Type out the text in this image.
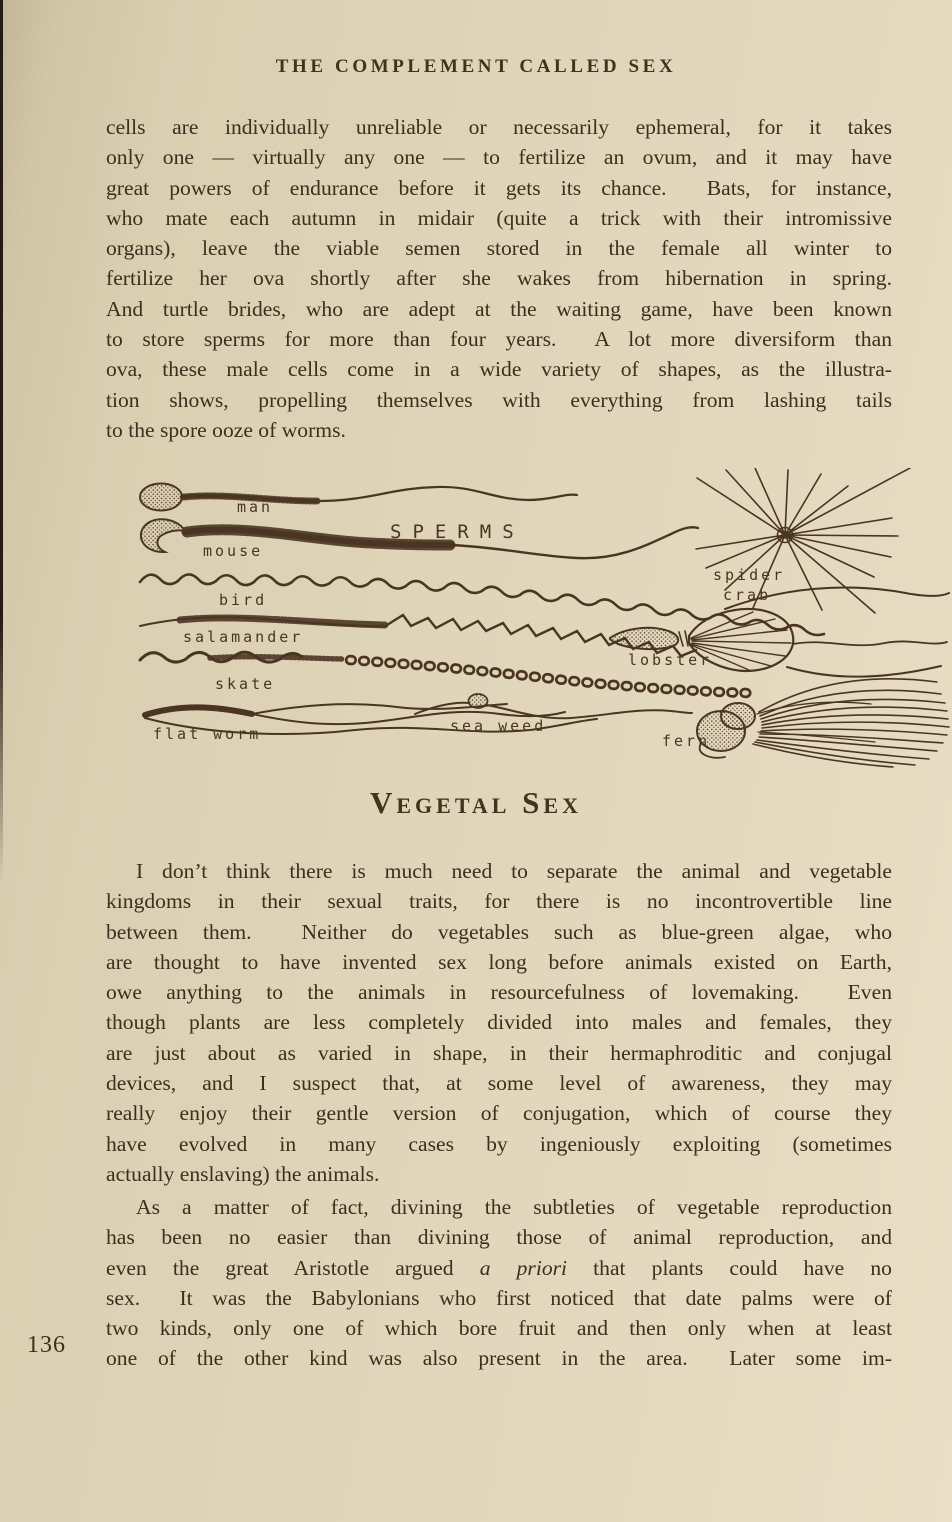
THE COMPLEMENT CALLED SEX
cells are individually unreliable or necessarily ephemeral, for it takes
only one — virtually any one — to fertilize an ovum, and it may have
great powers of endurance before it gets its chance.  Bats, for instance,
who mate each autumn in midair (quite a trick with their intromissive
organs), leave the viable semen stored in the female all winter to
fertilize her ova shortly after she wakes from hibernation in spring.
And turtle brides, who are adept at the waiting game, have been known
to store sperms for more than four years.  A lot more diversiform than
ova, these male cells come in a wide variety of shapes, as the illustra-
tion shows, propelling themselves with everything from lashing tails
to the spore ooze of worms.
SPERMS
man
mouse
bird
salamander
skate
flat worm	sea weed
fern
lobster
spider
crab
Vegetal Sex
I don’t think there is much need to separate the animal and vegetable
kingdoms in their sexual traits, for there is no incontrovertible line
between them.  Neither do vegetables such as blue-green algae, who
are thought to have invented sex long before animals existed on Earth,
owe anything to the animals in resourcefulness of lovemaking.  Even
though plants are less completely divided into males and females, they
are just about as varied in shape, in their hermaphroditic and conjugal
devices, and I suspect that, at some level of awareness, they may
really enjoy their gentle version of conjugation, which of course they
have evolved in many cases by ingeniously exploiting (sometimes
actually enslaving) the animals.
As a matter of fact, divining the subtleties of vegetable reproduction
has been no easier than divining those of animal reproduction, and
even the great Aristotle argued a priori that plants could have no
sex.  It was the Babylonians who first noticed that date palms were of
two kinds, only one of which bore fruit and then only when at least
one of the other kind was also present in the area.  Later some im-
136
